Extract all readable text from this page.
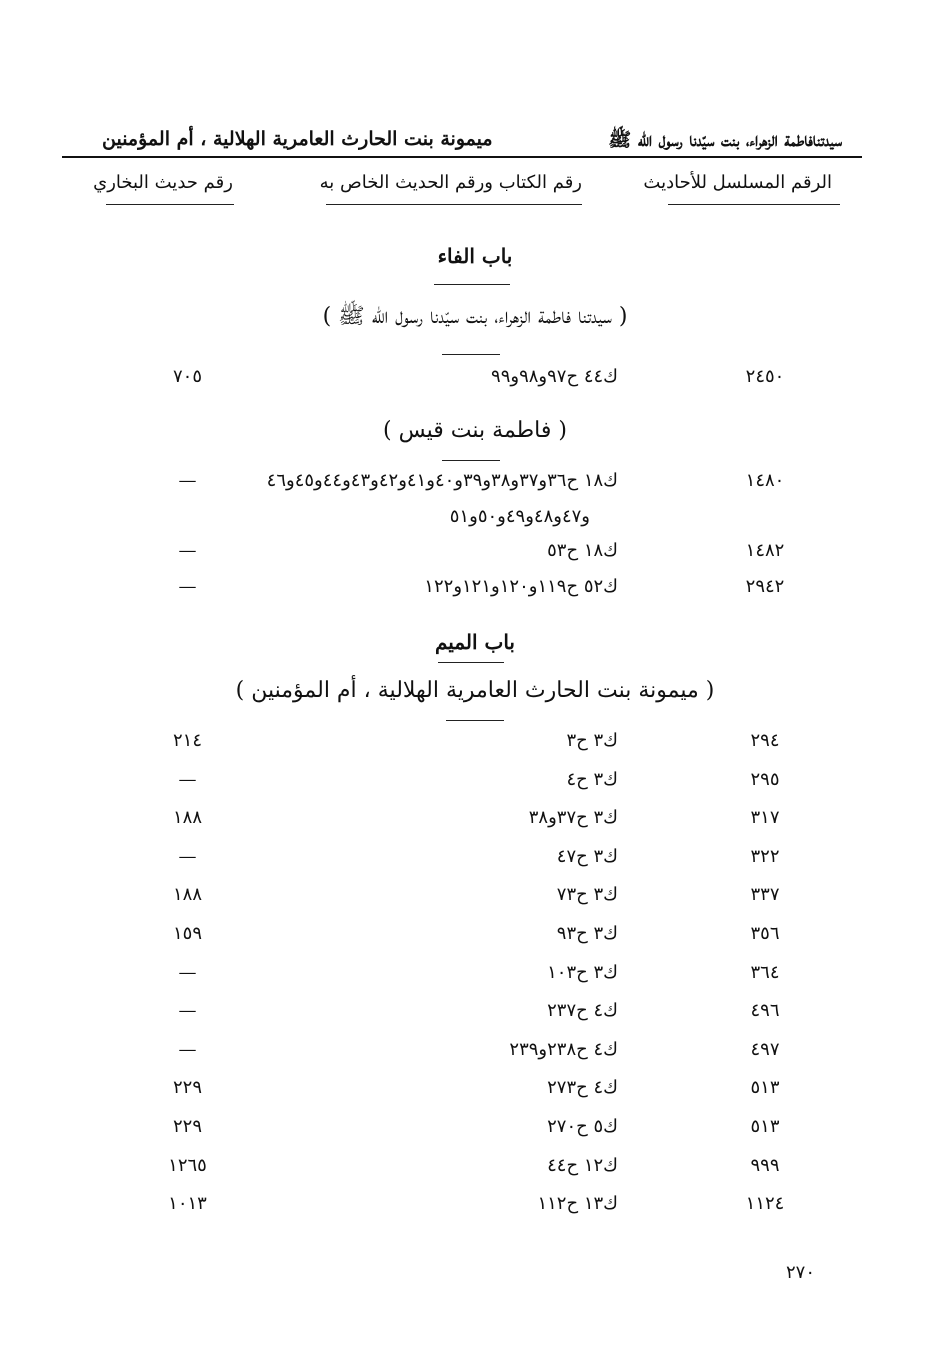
ميمونة بنت الحارث العامرية الهلالية ، أم المؤمنين	سيدتنافاطمة الزهراء، بنت سيّدنا رسول الله ﷺ
الرقم المسلسل للأحاديث
رقم الكتاب ورقم الحديث الخاص به
رقم حديث البخاري
باب الفاء
( سيدتنا فاطمة الزهراء، بنت سيّدنا رسول الله ﷺ )
٢٤٥٠
ك٤٤ ح٩٧و٩٨و٩٩
٧٠٥
( فاطمة بنت قيس )
١٤٨٠
ك١٨ ح٣٦و٣٧و٣٨و٣٩و٤٠و٤١و٤٢و٤٣و٤٤و٤٥و٤٦
—
و٤٧و٤٨و٤٩و٥٠و٥١
١٤٨٢
ك١٨ ح٥٣
—
٢٩٤٢
ك٥٢ ح١١٩و١٢٠و١٢١و١٢٢
—
باب الميم
( ميمونة بنت الحارث العامرية الهلالية ، أم المؤمنين )
٢٩٤
ك٣ ح٣
٢١٤
٢٩٥
ك٣ ح٤
—
٣١٧
ك٣ ح٣٧و٣٨
١٨٨
٣٢٢
ك٣ ح٤٧
—
٣٣٧
ك٣ ح٧٣
١٨٨
٣٥٦
ك٣ ح٩٣
١٥٩
٣٦٤
ك٣ ح١٠٣
—
٤٩٦
ك٤ ح٢٣٧
—
٤٩٧
ك٤ ح٢٣٨و٢٣٩
—
٥١٣
ك٤ ح٢٧٣
٢٢٩
٥١٣
ك٥ ح٢٧٠
٢٢٩
٩٩٩
ك١٢ ح٤٤
١٢٦٥
١١٢٤
ك١٣ ح١١٢
١٠١٣
٢٧٠
